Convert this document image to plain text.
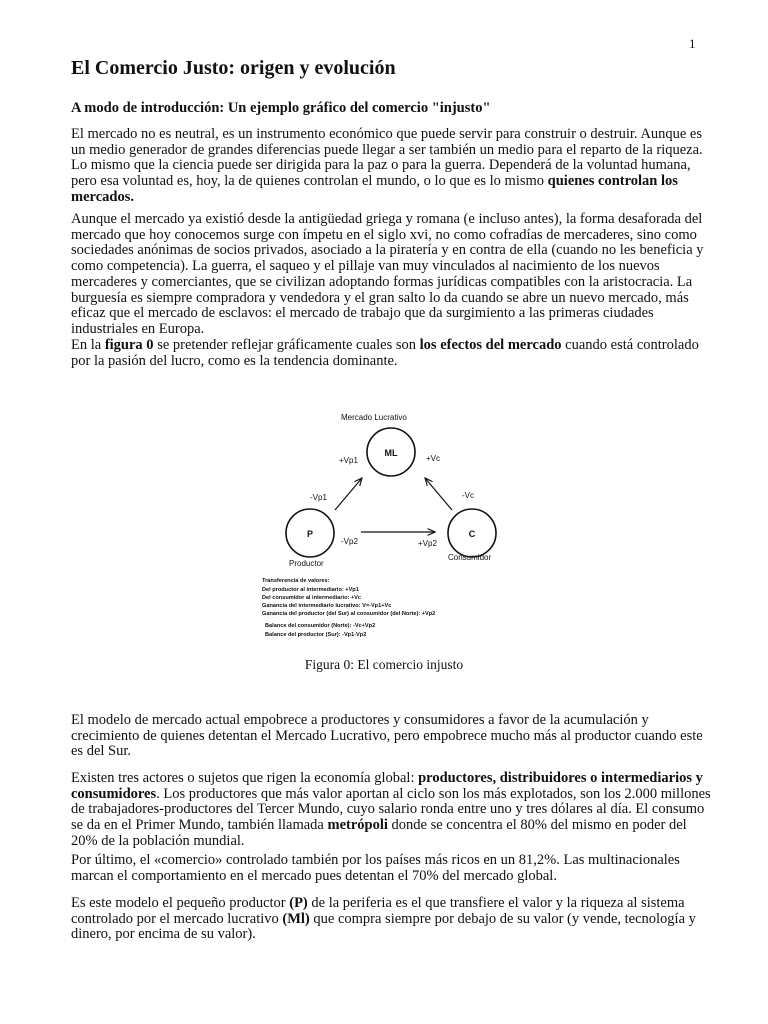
1
El Comercio Justo: origen y evolución
A modo de introducción: Un ejemplo gráfico del comercio "injusto"

El mercado no es neutral, es un instrumento económico que puede servir para construir o destruir. Aunque es un medio generador de grandes diferencias puede llegar a ser también un medio para el reparto de la riqueza. Lo mismo que la ciencia puede ser dirigida para la paz o para la guerra. Dependerá de la voluntad humana, pero esa voluntad es, hoy, la de quienes controlan el mundo, o lo que es lo mismo quienes controlan los mercados.

Aunque el mercado ya existió desde la antigüedad griega y romana (e incluso antes), la forma desaforada del mercado que hoy conocemos surge con ímpetu en el siglo xvi, no como cofradías de mercaderes, sino como sociedades anónimas de socios privados, asociado a la piratería y en contra de ella (cuando no les beneficia y como competencia). La guerra, el saqueo y el pillaje van muy vinculados al nacimiento de los nuevos mercaderes y comerciantes, que se civilizan adoptando formas jurídicas compatibles con la aristocracia. La burguesía es siempre compradora y vendedora y el gran salto lo da cuando se abre un nuevo mercado, más eficaz que el mercado de esclavos: el mercado de trabajo que da surgimiento a las primeras ciudades industriales en Europa.

En la figura 0 se pretender reflejar gráficamente cuales son los efectos del mercado cuando está controlado por la pasión del lucro, como es la tendencia dominante.

Mercado Lucrativo
ML
P	C
+Vp1	+Vc
-Vp1	-Vc
-Vp2	+Vp2
Productor
Consumidor
Transferencia de valores:
Del productor al intermediario: +Vp1
Del consumidor al intermediario: +Vc
Ganancia del intermediario lucrativo: V=-Vp1+Vc
Ganancia del productor (del Sur) al consumidor (del Norte): +Vp2
Balance del consumidor (Norte): -Vc+Vp2
Balance del productor (Sur): -Vp1-Vp2

Figura 0: El comercio injusto

El modelo de mercado actual empobrece a productores y consumidores a favor de la acumulación y crecimiento de quienes detentan el Mercado Lucrativo, pero empobrece mucho más al productor cuando este es del Sur.

Existen tres actores o sujetos que rigen la economía global: productores, distribuidores o intermediarios y consumidores. Los productores que más valor aportan al ciclo son los más explotados, son los 2.000 millones de trabajadores-productores del Tercer Mundo, cuyo salario ronda entre uno y tres dólares al día. El consumo se da en el Primer Mundo, también llamada metrópoli donde se concentra el 80% del mismo en poder del 20% de la población mundial.

Por último, el «comercio» controlado también por los países más ricos en un 81,2%. Las multinacionales marcan el comportamiento en el mercado pues detentan el 70% del mercado global.

Es este modelo el pequeño productor (P) de la periferia es el que transfiere el valor y la riqueza al sistema controlado por el mercado lucrativo (Ml) que compra siempre por debajo de su valor (y vende, tecnología y dinero, por encima de su valor).
